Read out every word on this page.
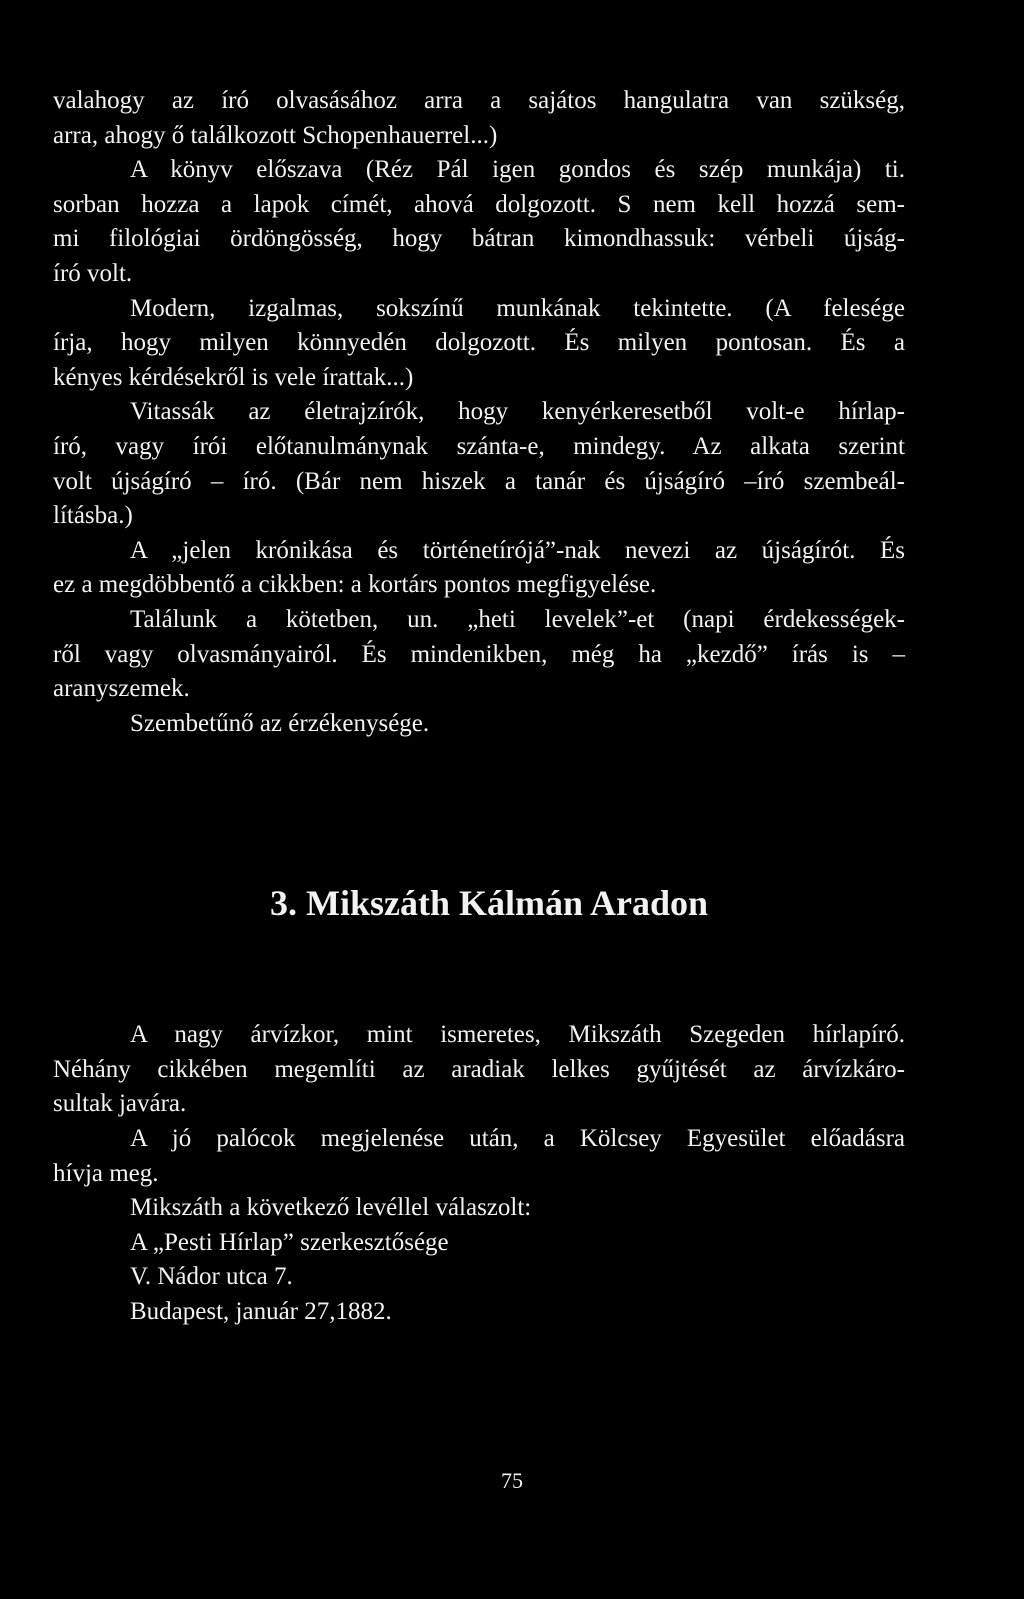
valahogy az író olvasásához arra a sajátos hangulatra van szükség,
arra, ahogy ő találkozott Schopenhauerrel...)
A könyv előszava (Réz Pál igen gondos és szép munkája) ti.
sorban hozza a lapok címét, ahová dolgozott. S nem kell hozzá sem-
mi filológiai ördöngösség, hogy bátran kimondhassuk: vérbeli újság-
író volt.
Modern, izgalmas, sokszínű munkának tekintette. (A felesége
írja, hogy milyen könnyedén dolgozott. És milyen pontosan. És a
kényes kérdésekről is vele írattak...)
Vitassák az életrajzírók, hogy kenyérkeresetből volt-e hírlap-
író, vagy írói előtanulmánynak szánta-e, mindegy. Az alkata szerint
volt újságíró – író. (Bár nem hiszek a tanár és újságíró –író szembeál-
lításba.)
A „jelen krónikása és történetírójá”-nak nevezi az újságírót. És
ez a megdöbbentő a cikkben: a kortárs pontos megfigyelése.
Találunk a kötetben, un. „heti levelek”-et (napi érdekességek-
ről vagy olvasmányairól. És mindenikben, még ha „kezdő” írás is –
aranyszemek.
Szembetűnő az érzékenysége.
3. Mikszáth Kálmán Aradon
A nagy árvízkor, mint ismeretes, Mikszáth Szegeden hírlapíró.
Néhány cikkében megemlíti az aradiak lelkes gyűjtését az árvízkáro-
sultak javára.
A jó palócok megjelenése után, a Kölcsey Egyesület előadásra
hívja meg.
Mikszáth a következő levéllel válaszolt:
A „Pesti Hírlap” szerkesztősége
V. Nádor utca 7.
Budapest, január 27,1882.
75
